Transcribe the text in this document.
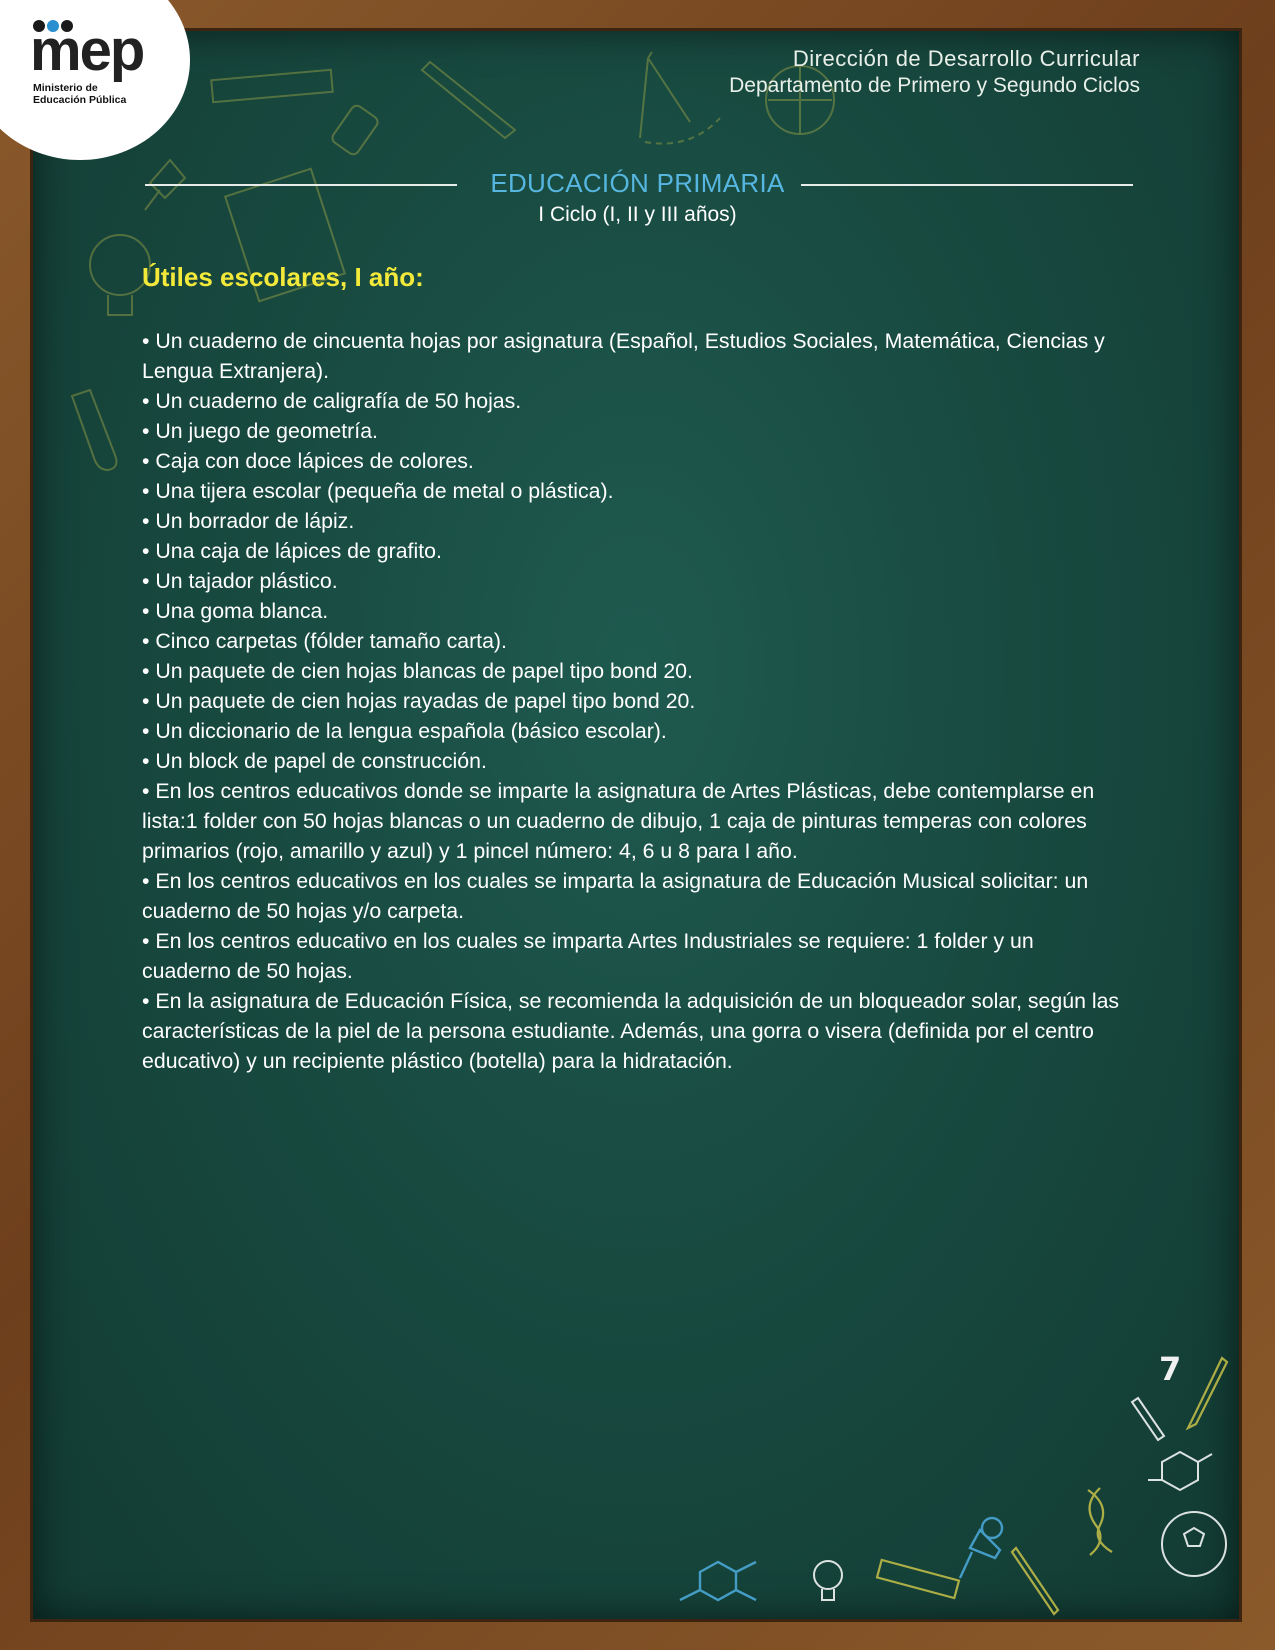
mep
Ministerio de
Educación Pública
Dirección de Desarrollo Curricular
Departamento de Primero y Segundo Ciclos
EDUCACIÓN PRIMARIA
I Ciclo (I, II y III años)
Útiles escolares, I año:
• Un cuaderno de cincuenta hojas por asignatura (Español, Estudios Sociales, Matemática, Ciencias y Lengua Extranjera).
• Un cuaderno de caligrafía de 50 hojas.
• Un juego de geometría.
• Caja con doce lápices de colores.
• Una tijera escolar (pequeña de metal o plástica).
• Un borrador de lápiz.
• Una caja de lápices de grafito.
• Un tajador plástico.
• Una goma blanca.
• Cinco carpetas (fólder tamaño carta).
• Un paquete de cien hojas blancas de papel tipo bond 20.
• Un paquete de cien hojas rayadas de papel tipo bond 20.
• Un diccionario de la lengua española (básico escolar).
• Un block de papel de construcción.
• En los centros educativos donde se imparte la asignatura de Artes Plásticas, debe contemplarse en lista:1 folder con 50 hojas blancas o un cuaderno de dibujo, 1 caja de pinturas temperas con colores primarios (rojo, amarillo y azul) y 1 pincel número: 4, 6 u 8 para I año.
• En los centros educativos en los cuales se imparta la asignatura de Educación Musical solicitar: un cuaderno de 50 hojas y/o carpeta.
• En los centros educativo en los cuales se imparta Artes Industriales se requiere: 1 folder y un cuaderno de 50 hojas.
• En la asignatura de Educación Física, se recomienda la adquisición de un bloqueador solar, según las características de la piel de la persona estudiante. Además, una gorra o visera (definida por el centro educativo) y un recipiente plástico (botella) para la hidratación.
7
